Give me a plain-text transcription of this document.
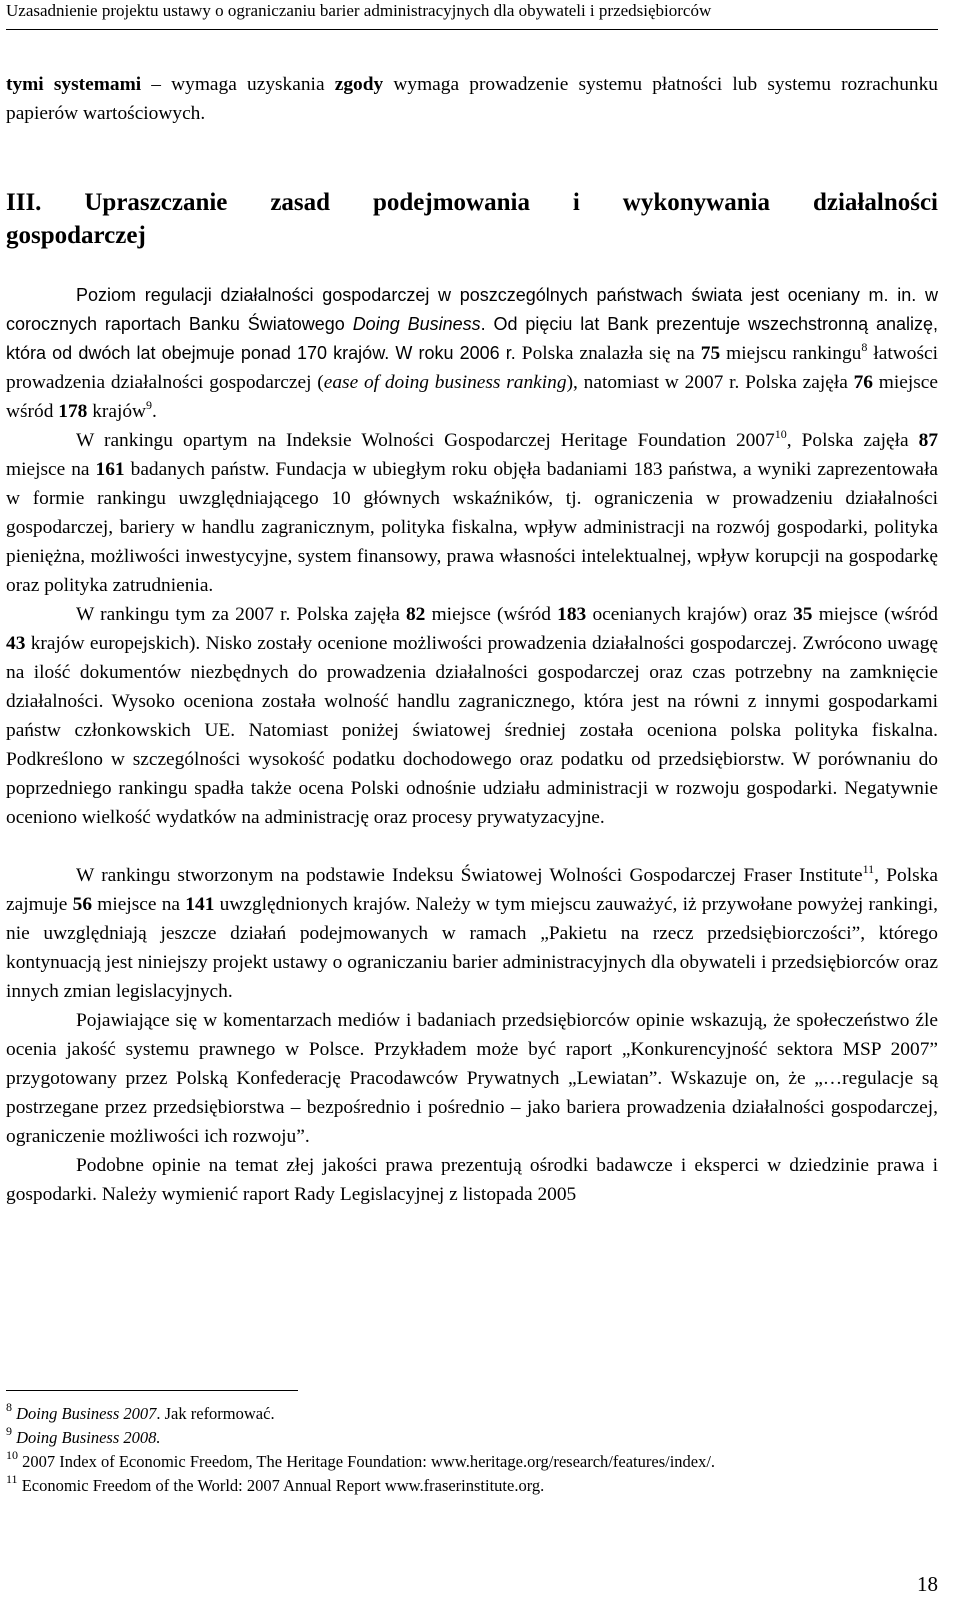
Uzasadnienie projektu ustawy o ograniczaniu barier administracyjnych dla obywateli i przedsiębiorców

tymi systemami – wymaga uzyskania zgody wymaga prowadzenie systemu płatności lub systemu rozrachunku papierów wartościowych.

III. Upraszczanie zasad podejmowania i wykonywania działalności gospodarczej

Poziom regulacji działalności gospodarczej w poszczególnych państwach świata jest oceniany m. in. w corocznych raportach Banku Światowego Doing Business. Od pięciu lat Bank prezentuje wszechstronną analizę, która od dwóch lat obejmuje ponad 170 krajów. W roku 2006 r. Polska znalazła się na 75 miejscu rankingu$^8$ łatwości prowadzenia działalności gospodarczej (ease of doing business ranking), natomiast w 2007 r. Polska zajęła 76 miejsce wśród 178 krajów$^9$.

W rankingu opartym na Indeksie Wolności Gospodarczej Heritage Foundation 2007$^{10}$, Polska zajęła 87 miejsce na 161 badanych państw. Fundacja w ubiegłym roku objęła badaniami 183 państwa, a wyniki zaprezentowała w formie rankingu uwzględniającego 10 głównych wskaźników, tj. ograniczenia w prowadzeniu działalności gospodarczej, bariery w handlu zagranicznym, polityka fiskalna, wpływ administracji na rozwój gospodarki, polityka pieniężna, możliwości inwestycyjne, system finansowy, prawa własności intelektualnej, wpływ korupcji na gospodarkę oraz polityka zatrudnienia.

W rankingu tym za 2007 r. Polska zajęła 82 miejsce (wśród 183 ocenianych krajów) oraz 35 miejsce (wśród 43 krajów europejskich). Nisko zostały ocenione możliwości prowadzenia działalności gospodarczej. Zwrócono uwagę na ilość dokumentów niezbędnych do prowadzenia działalności gospodarczej oraz czas potrzebny na zamknięcie działalności. Wysoko oceniona została wolność handlu zagranicznego, która jest na równi z innymi gospodarkami państw członkowskich UE. Natomiast poniżej światowej średniej została oceniona polska polityka fiskalna. Podkreślono w szczególności wysokość podatku dochodowego oraz podatku od przedsiębiorstw. W porównaniu do poprzedniego rankingu spadła także ocena Polski odnośnie udziału administracji w rozwoju gospodarki. Negatywnie oceniono wielkość wydatków na administrację oraz procesy prywatyzacyjne.

W rankingu stworzonym na podstawie Indeksu Światowej Wolności Gospodarczej Fraser Institute$^{11}$, Polska zajmuje 56 miejsce na 141 uwzględnionych krajów. Należy w tym miejscu zauważyć, iż przywołane powyżej rankingi, nie uwzględniają jeszcze działań podejmowanych w ramach „Pakietu na rzecz przedsiębiorczości”, którego kontynuacją jest niniejszy projekt ustawy o ograniczaniu barier administracyjnych dla obywateli i przedsiębiorców oraz innych zmian legislacyjnych.

Pojawiające się w komentarzach mediów i badaniach przedsiębiorców opinie wskazują, że społeczeństwo źle ocenia jakość systemu prawnego w Polsce. Przykładem może być raport „Konkurencyjność sektora MSP 2007” przygotowany przez Polską Konfederację Pracodawców Prywatnych „Lewiatan”. Wskazuje on, że „…regulacje są postrzegane przez przedsiębiorstwa – bezpośrednio i pośrednio – jako bariera prowadzenia działalności gospodarczej, ograniczenie możliwości ich rozwoju”.

Podobne opinie na temat złej jakości prawa prezentują ośrodki badawcze i eksperci w dziedzinie prawa i gospodarki. Należy wymienić raport Rady Legislacyjnej z listopada 2005

$^8$ Doing Business 2007. Jak reformować.

$^9$ Doing Business 2008.

$^{10}$ 2007 Index of Economic Freedom, The Heritage Foundation: www.heritage.org/research/features/index/.

$^{11}$ Economic Freedom of the World: 2007 Annual Report www.fraserinstitute.org.

18
